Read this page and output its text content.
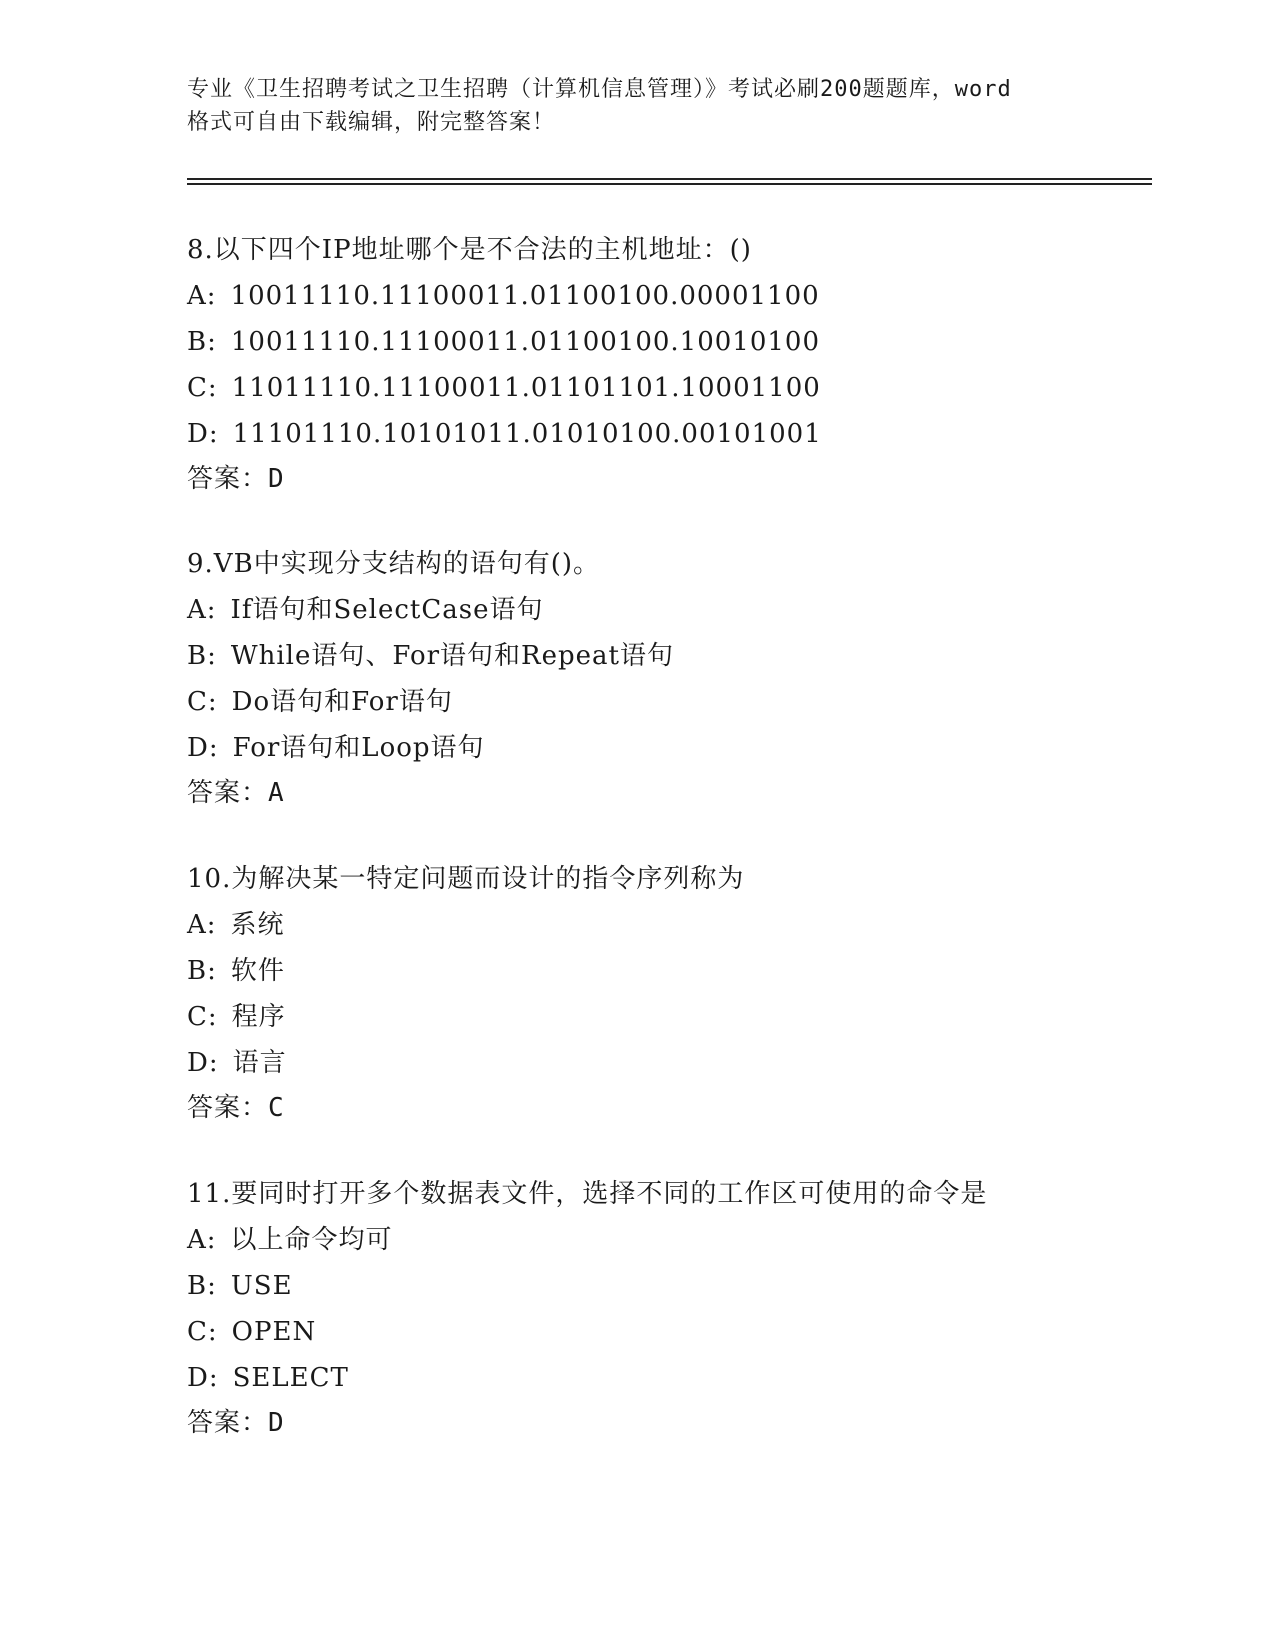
专业《卫生招聘考试之卫生招聘（计算机信息管理）》考试必刷200题题库，word
格式可自由下载编辑，附完整答案！
8.以下四个IP地址哪个是不合法的主机地址：()
A: 10011110.11100011.01100100.00001100
B: 10011110.11100011.01100100.10010100
C: 11011110.11100011.01101101.10001100
D: 11101110.10101011.01010100.00101001
答案：D
9.VB中实现分支结构的语句有()。
A: If语句和SelectCase语句
B: While语句、For语句和Repeat语句
C: Do语句和For语句
D: For语句和Loop语句
答案：A
10.为解决某一特定问题而设计的指令序列称为
A: 系统
B: 软件
C: 程序
D: 语言
答案：C
11.要同时打开多个数据表文件，选择不同的工作区可使用的命令是
A: 以上命令均可
B: USE
C: OPEN
D: SELECT
答案：D
